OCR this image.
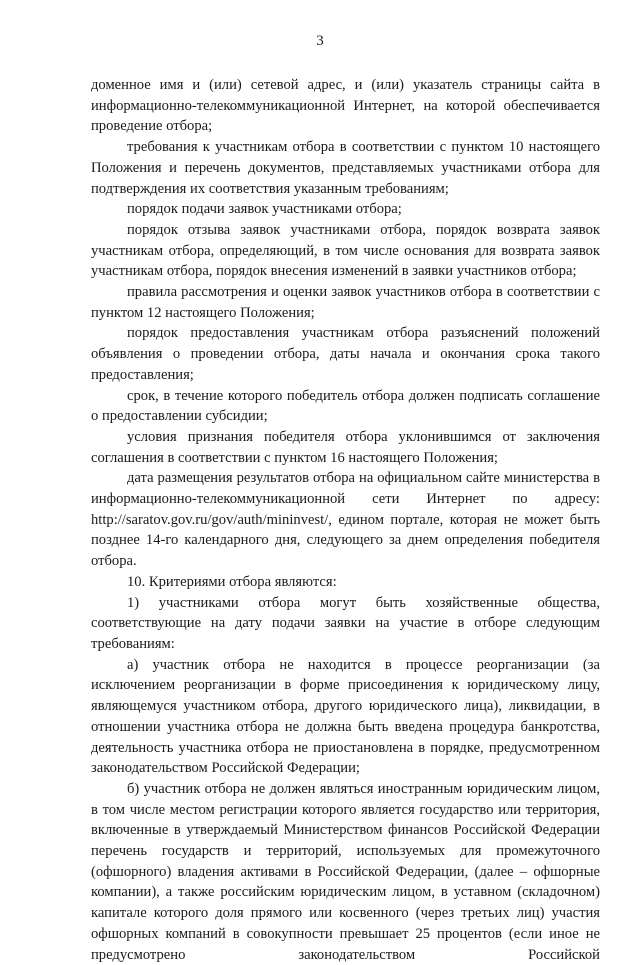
3

доменное имя и (или) сетевой адрес, и (или) указатель страницы сайта в информационно-телекоммуникационной Интернет, на которой обеспечивается проведение отбора;

требования к участникам отбора в соответствии с пунктом 10 настоящего Положения и перечень документов, представляемых участниками отбора для подтверждения их соответствия указанным требованиям;

порядок подачи заявок участниками отбора;

порядок отзыва заявок участниками отбора, порядок возврата заявок участникам отбора, определяющий, в том числе основания для возврата заявок участникам отбора, порядок внесения изменений в заявки участников отбора;

правила рассмотрения и оценки заявок участников отбора в соответствии с пунктом 12 настоящего Положения;

порядок предоставления участникам отбора разъяснений положений объявления о проведении отбора, даты начала и окончания срока такого предоставления;

срок, в течение которого победитель отбора должен подписать соглашение о предоставлении субсидии;

условия признания победителя отбора уклонившимся от заключения соглашения в соответствии с пунктом 16 настоящего Положения;

дата размещения результатов отбора на официальном сайте министерства в информационно-телекоммуникационной сети Интернет по адресу: http://saratov.gov.ru/gov/auth/mininvest/, едином портале, которая не может быть позднее 14-го календарного дня, следующего за днем определения победителя отбора.

10. Критериями отбора являются:

1) участниками отбора могут быть хозяйственные общества, соответствующие на дату подачи заявки на участие в отборе следующим требованиям:

а) участник отбора не находится в процессе реорганизации (за исключением реорганизации в форме присоединения к юридическому лицу, являющемуся участником отбора, другого юридического лица), ликвидации, в отношении участника отбора не должна быть введена процедура банкротства, деятельность участника отбора не приостановлена в порядке, предусмотренном законодательством Российской Федерации;

б) участник отбора не должен являться иностранным юридическим лицом, в том числе местом регистрации которого является государство или территория, включенные в утверждаемый Министерством финансов Российской Федерации перечень государств и территорий, используемых для промежуточного (офшорного) владения активами в Российской Федерации, (далее – офшорные компании), а также российским юридическим лицом, в уставном (складочном) капитале которого доля прямого или косвенного (через третьих лиц) участия офшорных компаний в совокупности превышает 25 процентов (если иное не предусмотрено законодательством Российской
